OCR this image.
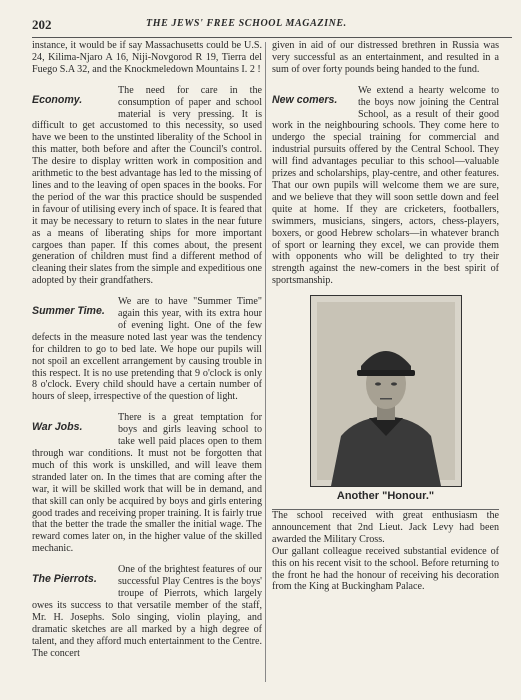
202	THE JEWS' FREE SCHOOL MAGAZINE.

instance, it would be if say Massachusetts could be U.S. 24, Kilima-Njaro A 16, Niji-Novgorod R 19, Tierra del Fuego S.A 32, and the Knockmeledown Mountains I. 2 !

Economy.

The need for care in the consumption of paper and school material is very pressing. It is difficult to get accustomed to this necessity, so used have we been to the unstinted liberality of the School in this matter, both before and after the Council's control. The desire to display written work in composition and arithmetic to the best advantage has led to the missing of lines and to the leaving of open spaces in the books. For the period of the war this practice should be suspended in favour of utilising every inch of space. It is feared that it may be necessary to return to slates in the near future as a means of liberating ships for more important cargoes than paper. If this comes about, the present generation of children must find a different method of cleaning their slates from the simple and expeditious one adopted by their grandfathers.

Summer Time.

We are to have "Summer Time" again this year, with its extra hour of evening light. One of the few defects in the measure noted last year was the tendency for children to go to bed late. We hope our pupils will not spoil an excellent arrangement by causing trouble in this respect. It is no use pretending that 9 o'clock is only 8 o'clock. Every child should have a certain number of hours of sleep, irrespective of the question of light.

War Jobs.

There is a great temptation for boys and girls leaving school to take well paid places open to them through war conditions. It must not be forgotten that much of this work is unskilled, and will leave them stranded later on. In the times that are coming after the war, it will be skilled work that will be in demand, and that skill can only be acquired by boys and girls entering good trades and receiving proper training. It is fairly true that the better the trade the smaller the initial wage. The reward comes later on, in the higher value of the skilled mechanic.

The Pierrots.

One of the brightest features of our successful Play Centres is the boys' troupe of Pierrots, which largely owes its success to that versatile member of the staff, Mr. H. Josephs. Solo singing, violin playing, and dramatic sketches are all marked by a high degree of talent, and they afford much entertainment to the Centre. The concert

given in aid of our distressed brethren in Russia was very successful as an entertainment, and resulted in a sum of over forty pounds being handed to the fund.

New comers.

We extend a hearty welcome to the boys now joining the Central School, as a result of their good work in the neighbouring schools. They come here to undergo the special training for commercial and industrial pursuits offered by the Central School. They will find advantages peculiar to this school—valuable prizes and scholarships, play-centre, and other features. That our own pupils will welcome them we are sure, and we believe that they will soon settle down and feel quite at home. If they are cricketers, footballers, swimmers, musicians, singers, actors, chess-players, boxers, or good Hebrew scholars—in whatever branch of sport or learning they excel, we can provide them with opponents who will be delighted to try their strength against the new-comers in the best spirit of sportsmanship.

Another "Honour."

The school received with great enthusiasm the announcement that 2nd Lieut. Jack Levy had been awarded the Military Cross.

Our gallant colleague received substantial evidence of this on his recent visit to the school. Before returning to the front he had the honour of receiving his decoration from the King at Buckingham Palace.
